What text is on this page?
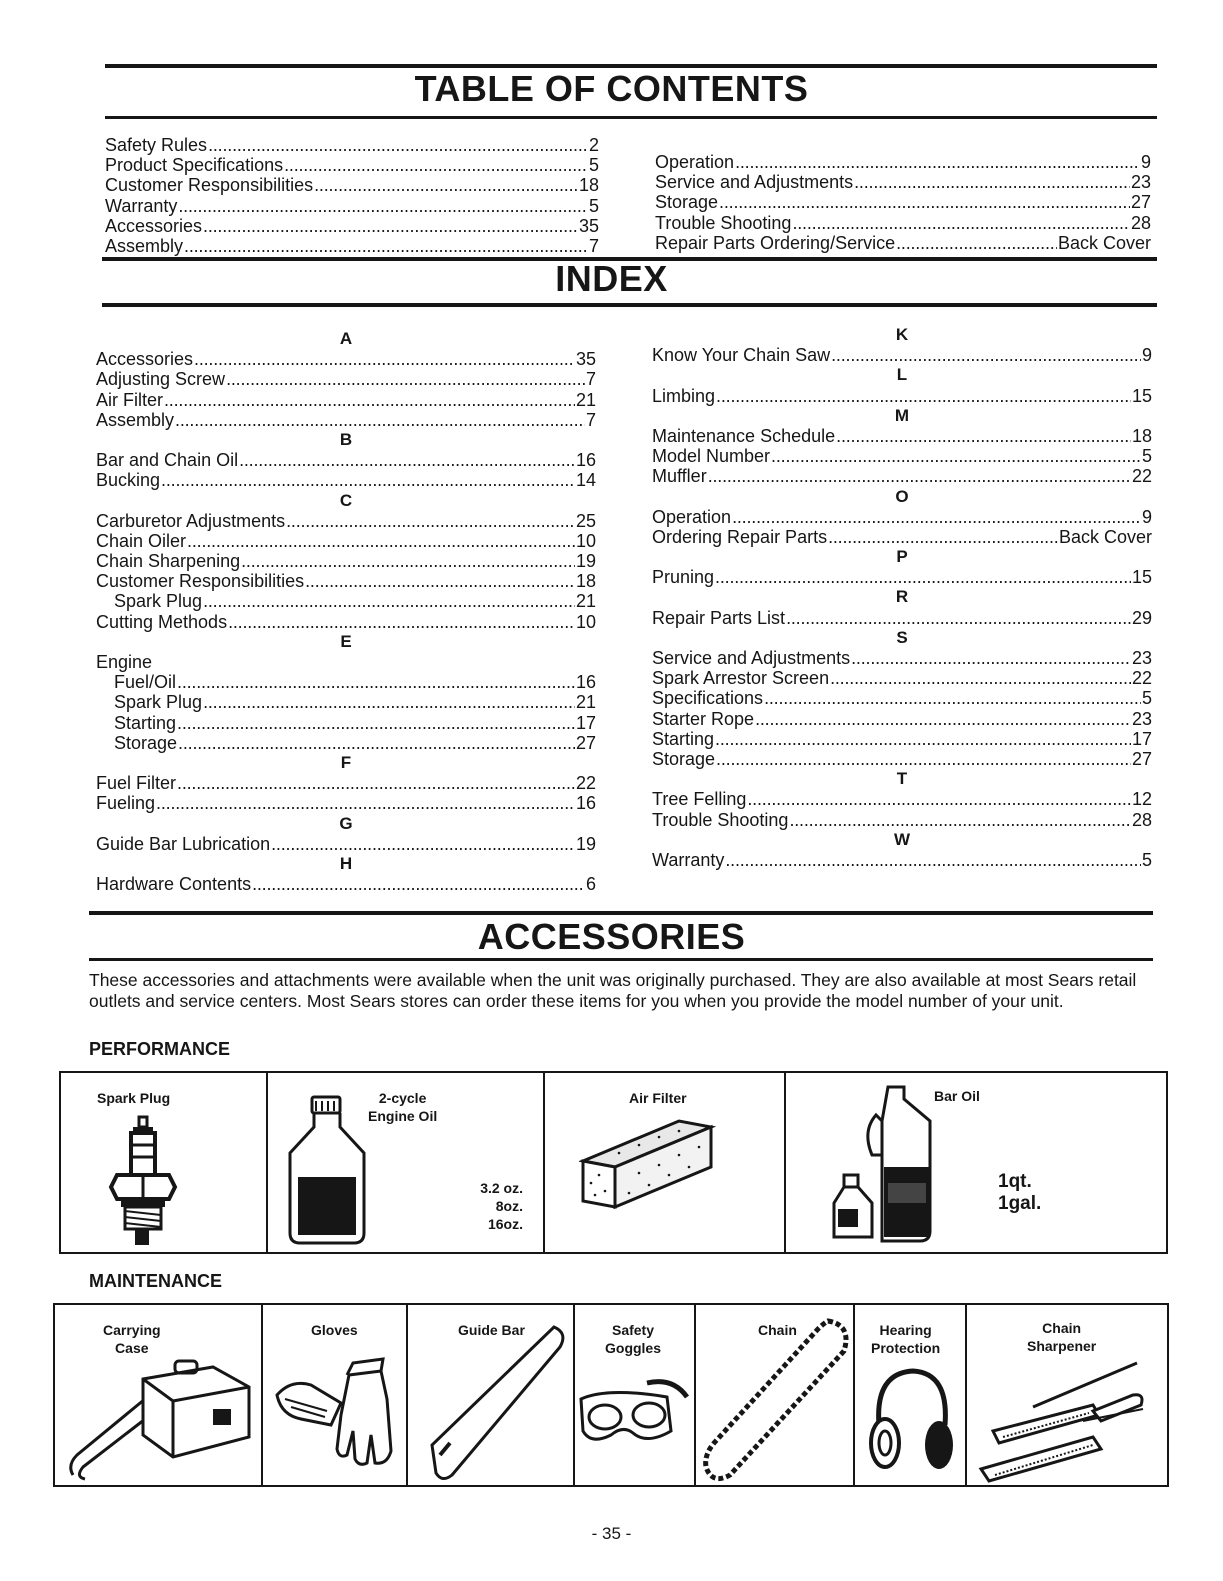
TABLE OF CONTENTS
Safety Rules . . .	2
Product Specifications . . .	5
Customer Responsibilities . . .	18
Warranty . . .	5
Accessories . . .	35
Assembly . . .	7
Operation . . .	9
Service and Adjustments . . .	23
Storage . . .	27
Trouble Shooting . . .	28
Repair Parts Ordering/Service . . .	Back Cover
INDEX
A
Accessories . . .	35
Adjusting Screw . . .	7
Air Filter . . .	21
Assembly . . .	7
B
Bar and Chain Oil . . .	16
Bucking . . .	14
C
Carburetor Adjustments . . .	25
Chain Oiler . . .	10
Chain Sharpening . . .	19
Customer Responsibilities . . .	18
Spark Plug . . .	21
Cutting Methods . . .	10
E
Engine
Fuel/Oil . . .	16
Spark Plug . . .	21
Starting . . .	17
Storage . . .	27
F
Fuel Filter . . .	22
Fueling . . .	16
G
Guide Bar Lubrication . . .	19
H
Hardware Contents . . .	6
K
Know Your Chain Saw . . .	9
L
Limbing . . .	15
M
Maintenance Schedule . . .	18
Model Number . . .	5
Muffler . . .	22
O
Operation . . .	9
Ordering Repair Parts . . .	Back Cover
P
Pruning . . .	15
R
Repair Parts List . . .	29
S
Service and Adjustments . . .	23
Spark Arrestor Screen . . .	22
Specifications . . .	5
Starter Rope . . .	23
Starting . . .	17
Storage . . .	27
T
Tree Felling . . .	12
Trouble Shooting . . .	28
W
Warranty . . .	5
ACCESSORIES
These accessories and attachments were available when the unit was originally purchased. They are also available at most Sears retail outlets and service centers. Most Sears stores can order these items for you when you provide the model number of your unit.
PERFORMANCE
Spark Plug	2-cycle
Engine Oil
3.2 oz.
8oz.
16oz.
Air Filter	Bar Oil
1qt.
1gal.
MAINTENANCE
Carrying
Case
Gloves	Guide Bar	Safety
Goggles
Chain	Hearing
Protection
Chain
Sharpener
- 35 -
